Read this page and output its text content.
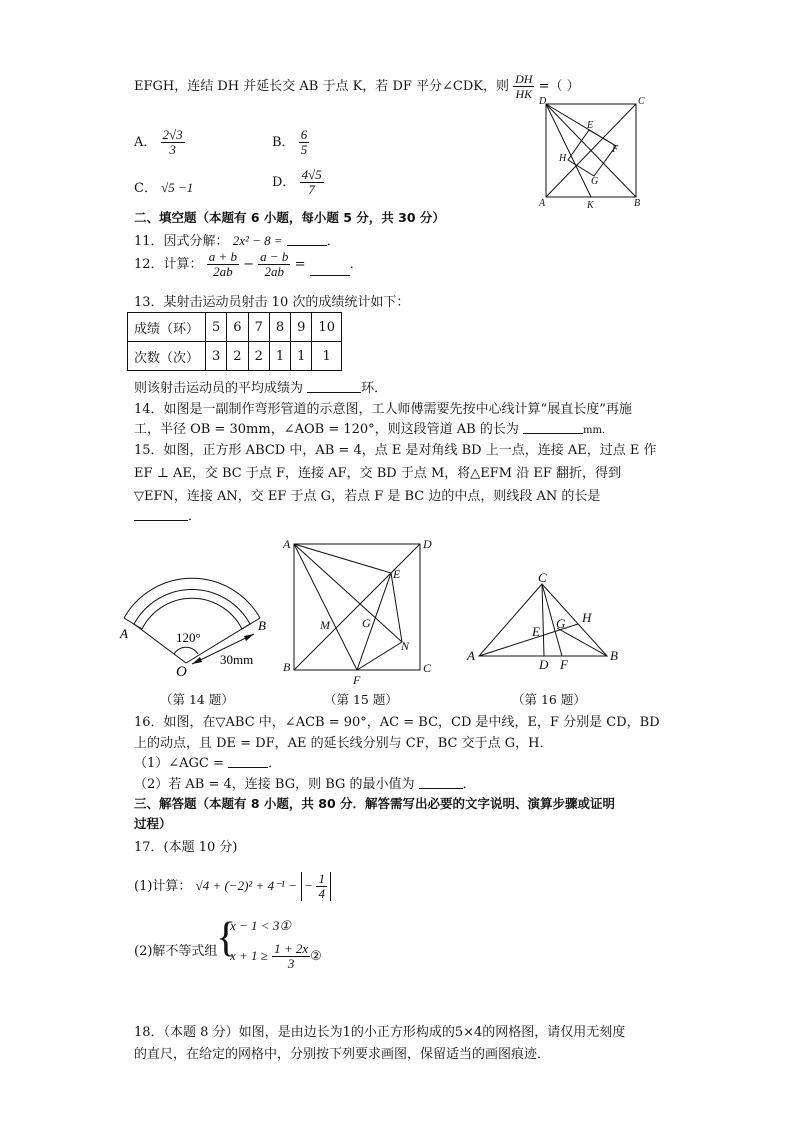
EFGH，连结 DH 并延长交 AB 于点 K，若 DF 平分∠CDK，则 $\frac{DH}{HK}$ =（ ）
D	C
E
F
H
G
A	K	B
A． $\frac{2√3}{3}$	B． $\frac{6}{5}$
C． √5 −1	D． $\frac{4√5}{7}$
二、填空题（本题有 6 小题，每小题 5 分，共 30 分）
11．因式分解： 2x² − 8 =	．
12．计算： $\frac{a + b}{2ab} - \frac{a - b}{2ab}$ =	．
13．某射击运动员射击 10 次的成绩统计如下：
成绩（环）	5	6	7	8	9	10
次数（次）	3	2	2	1	1	1
则该射击运动员的平均成绩为	环．
14．如图是一副制作弯形管道的示意图，工人师傅需要先按中心线计算“展直长度”再施
工，半径 OB = 30mm，∠AOB = 120°，则这段管道 AB 的长为	mm．
15．如图，正方形 ABCD 中，AB = 4，点 E 是对角线 BD 上一点，连接 AE，过点 E 作
EF ⊥ AE，交 BC 于点 F，连接 AF，交 BD 于点 M，将△EFM 沿 EF 翻折，得到
▽EFN，连接 AN，交 EF 于点 G，若点 F 是 BC 边的中点，则线段 AN 的长是
．
A
B
O
120°
30mm
（第 14 题）
A	D
E
M	G
N
B
F
C
（第 15 题）
C
H
G
E
A
D F
B
（第 16 题）
16．如图，在▽ABC 中，∠ACB = 90°，AC = BC，CD 是中线，E，F 分别是 CD，BD
上的动点，且 DE = DF，AE 的延长线分别与 CF，BC 交于点 G，H．
（1）∠AGC =	．
（2）若 AB = 4，连接 BG，则 BG 的最小值为	．
三、解答题（本题有 8 小题，共 80 分．解答需写出必要的文字说明、演算步骤或证明
过程）
17．(本题 10 分)
(1)计算： √4 + (−2)² + 4⁻¹ − − $\frac{1}{4}$
(2)解不等式组
{
x − 1 < 3①
$x + 1 \ge \frac{1 + 2x}{3}$ ②
18．（本题 8 分）如图，是由边长为1的小正方形构成的5×4的网格图，请仅用无刻度
的直尺，在给定的网格中，分别按下列要求画图，保留适当的画图痕迹．
